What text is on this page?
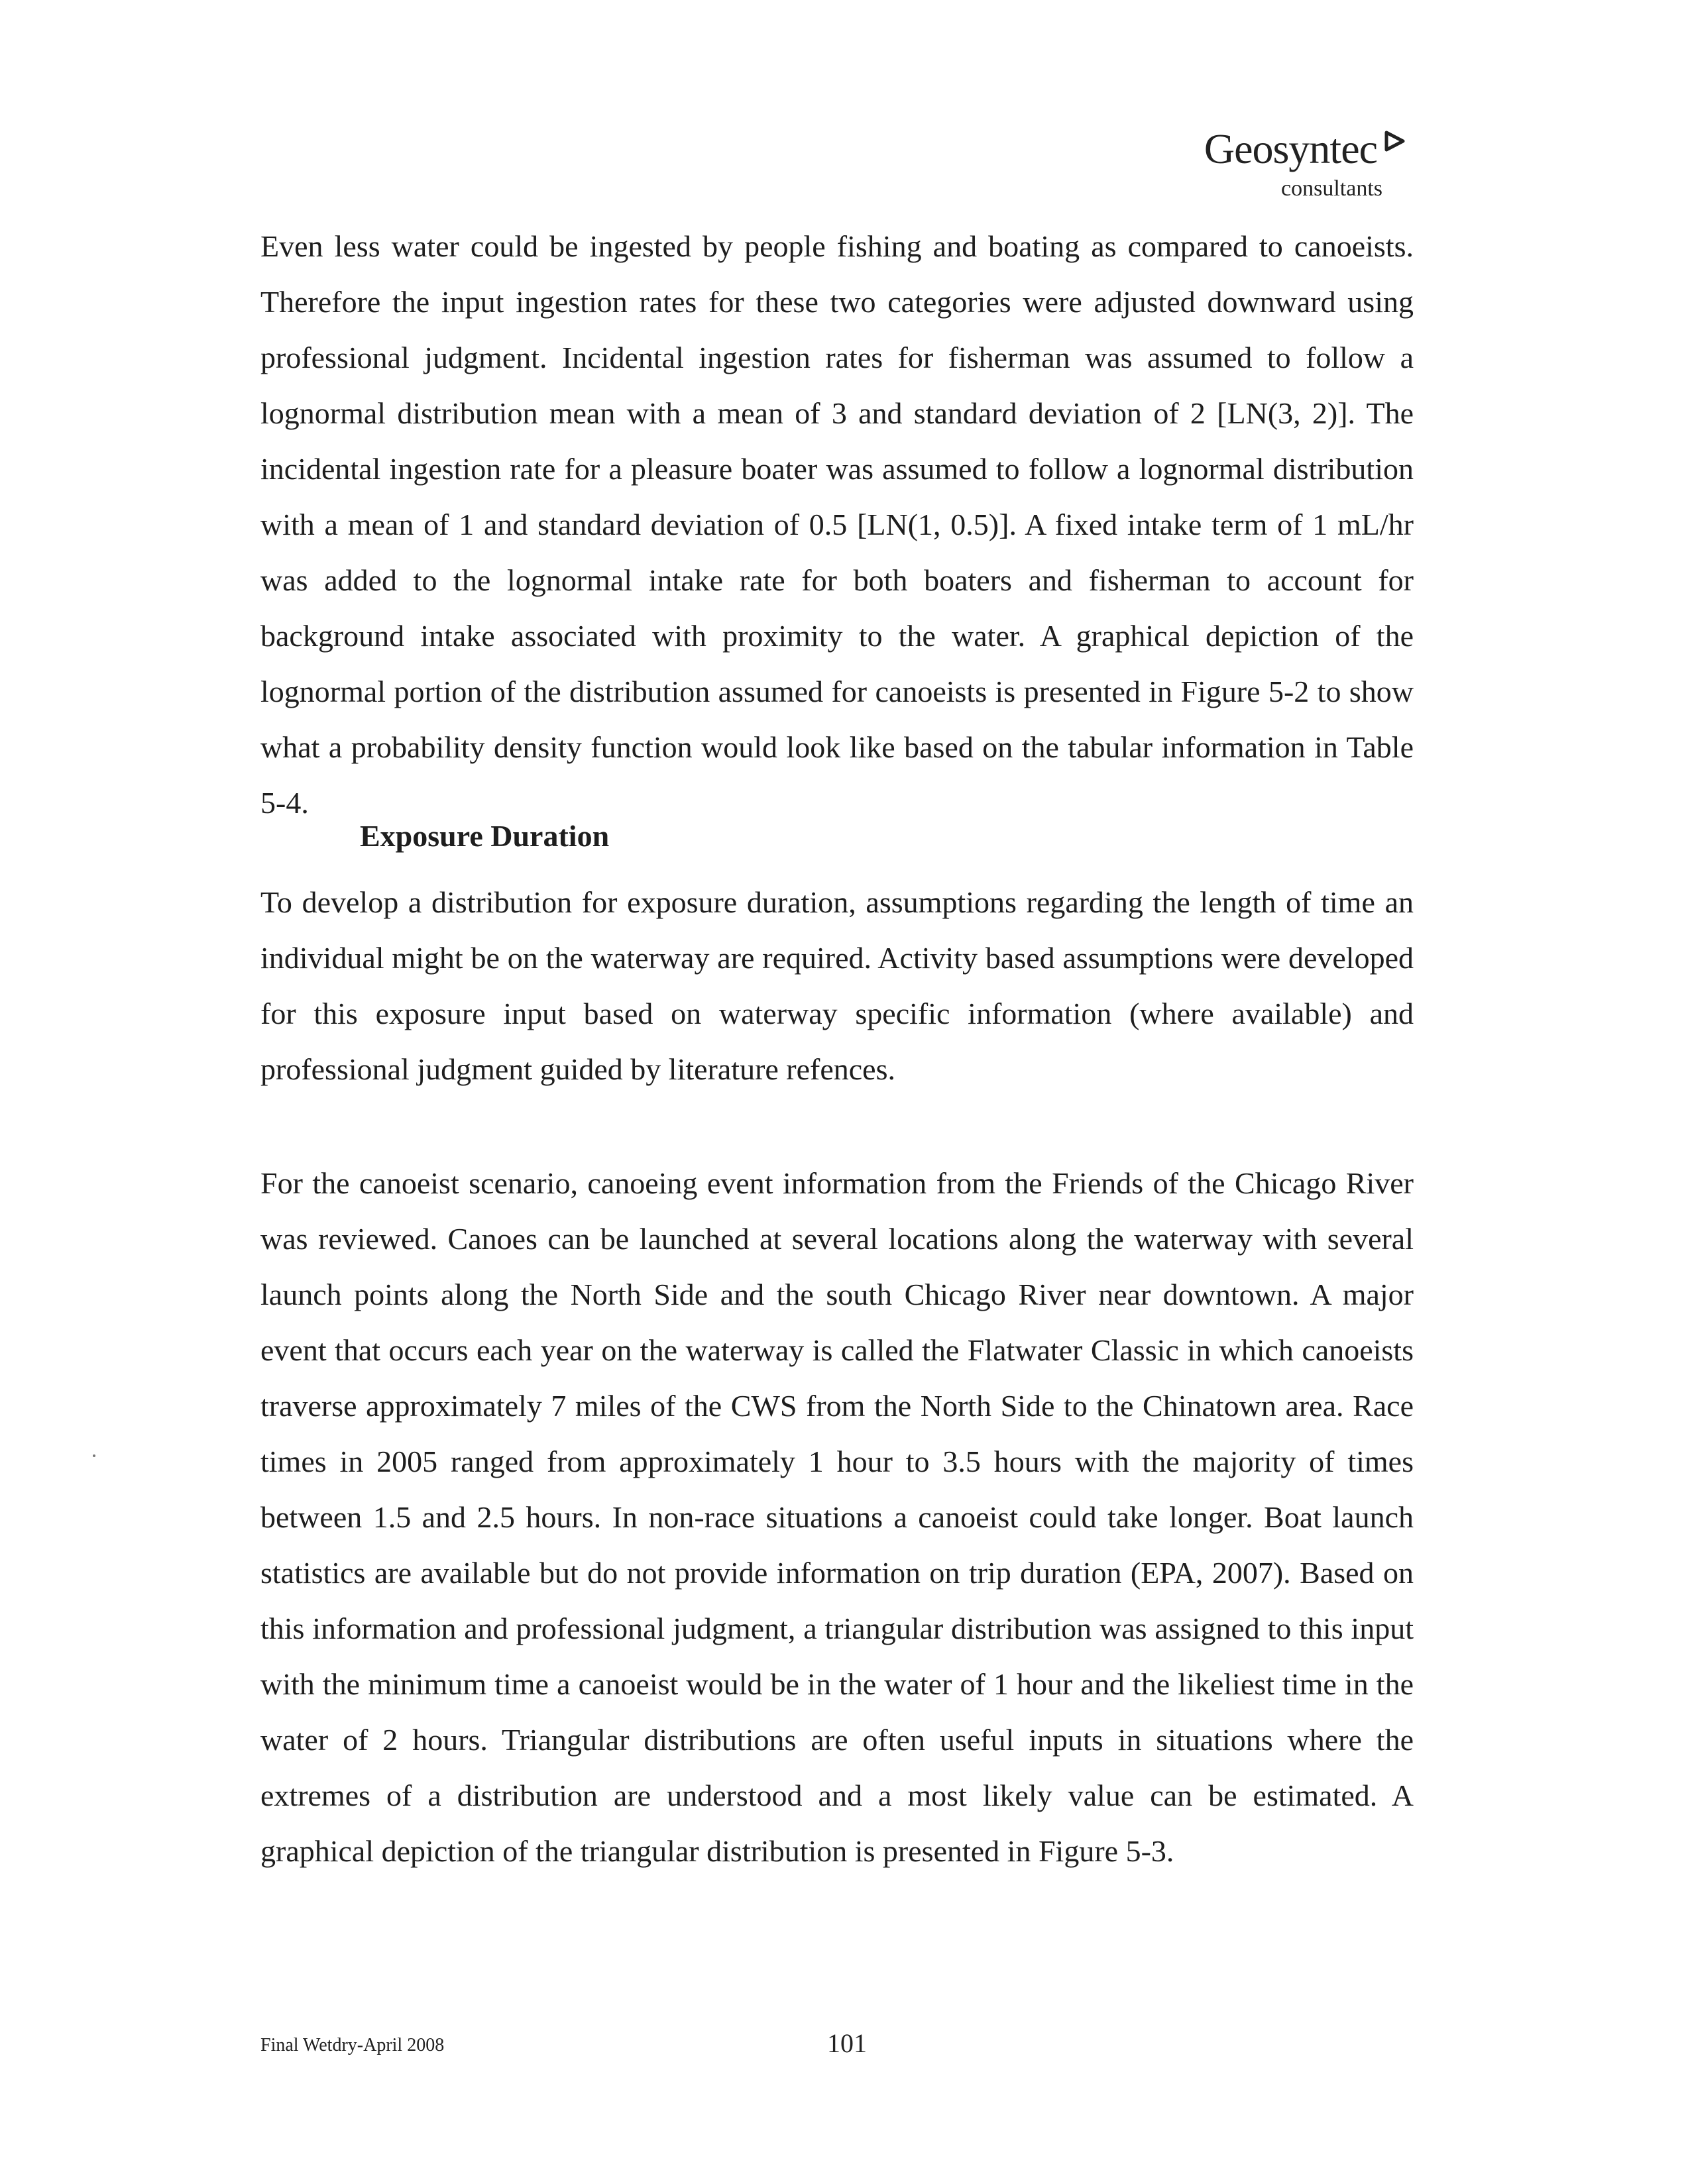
Geosyntec
consultants

Even less water could be ingested by people fishing and boating as compared to canoeists. Therefore the input ingestion rates for these two categories were adjusted downward using professional judgment. Incidental ingestion rates for fisherman was assumed to follow a lognormal distribution mean with a mean of 3 and standard deviation of 2 [LN(3, 2)]. The incidental ingestion rate for a pleasure boater was assumed to follow a lognormal distribution with a mean of 1 and standard deviation of 0.5 [LN(1, 0.5)]. A fixed intake term of 1 mL/hr was added to the lognormal intake rate for both boaters and fisherman to account for background intake associated with proximity to the water. A graphical depiction of the lognormal portion of the distribution assumed for canoeists is presented in Figure 5-2 to show what a probability density function would look like based on the tabular information in Table 5-4.

Exposure Duration

To develop a distribution for exposure duration, assumptions regarding the length of time an individual might be on the waterway are required. Activity based assumptions were developed for this exposure input based on waterway specific information (where available) and professional judgment guided by literature refences.

For the canoeist scenario, canoeing event information from the Friends of the Chicago River was reviewed. Canoes can be launched at several locations along the waterway with several launch points along the North Side and the south Chicago River near downtown. A major event that occurs each year on the waterway is called the Flatwater Classic in which canoeists traverse approximately 7 miles of the CWS from the North Side to the Chinatown area. Race times in 2005 ranged from approximately 1 hour to 3.5 hours with the majority of times between 1.5 and 2.5 hours. In non-race situations a canoeist could take longer. Boat launch statistics are available but do not provide information on trip duration (EPA, 2007). Based on this information and professional judgment, a triangular distribution was assigned to this input with the minimum time a canoeist would be in the water of 1 hour and the likeliest time in the water of 2 hours. Triangular distributions are often useful inputs in situations where the extremes of a distribution are understood and a most likely value can be estimated. A graphical depiction of the triangular distribution is presented in Figure 5-3.

Final Wetdry-April 2008	101
